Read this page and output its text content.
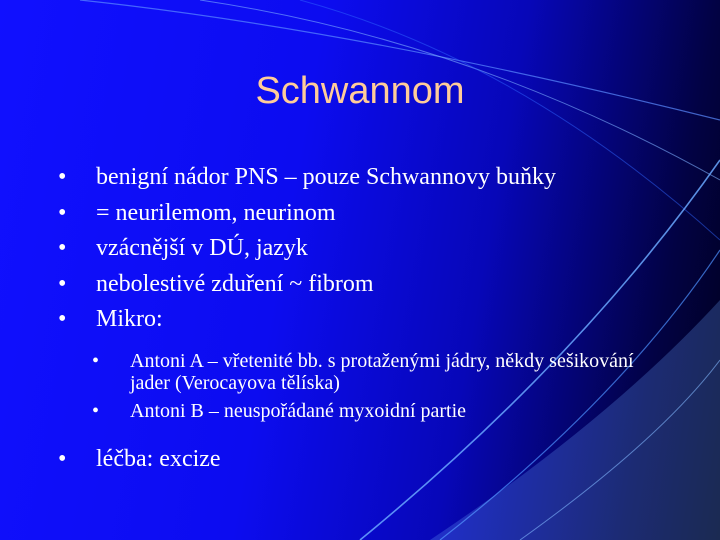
Schwannom
• benigní nádor PNS – pouze Schwannovy buňky
• = neurilemom, neurinom
• vzácnější v DÚ, jazyk
• nebolestivé zduření ~ fibrom
• Mikro:
• Antoni A – vřetenité bb. s protaženými jádry, někdy sešikování jader (Verocayova tělíska)
• Antoni B – neuspořádané myxoidní partie
• léčba: excize
